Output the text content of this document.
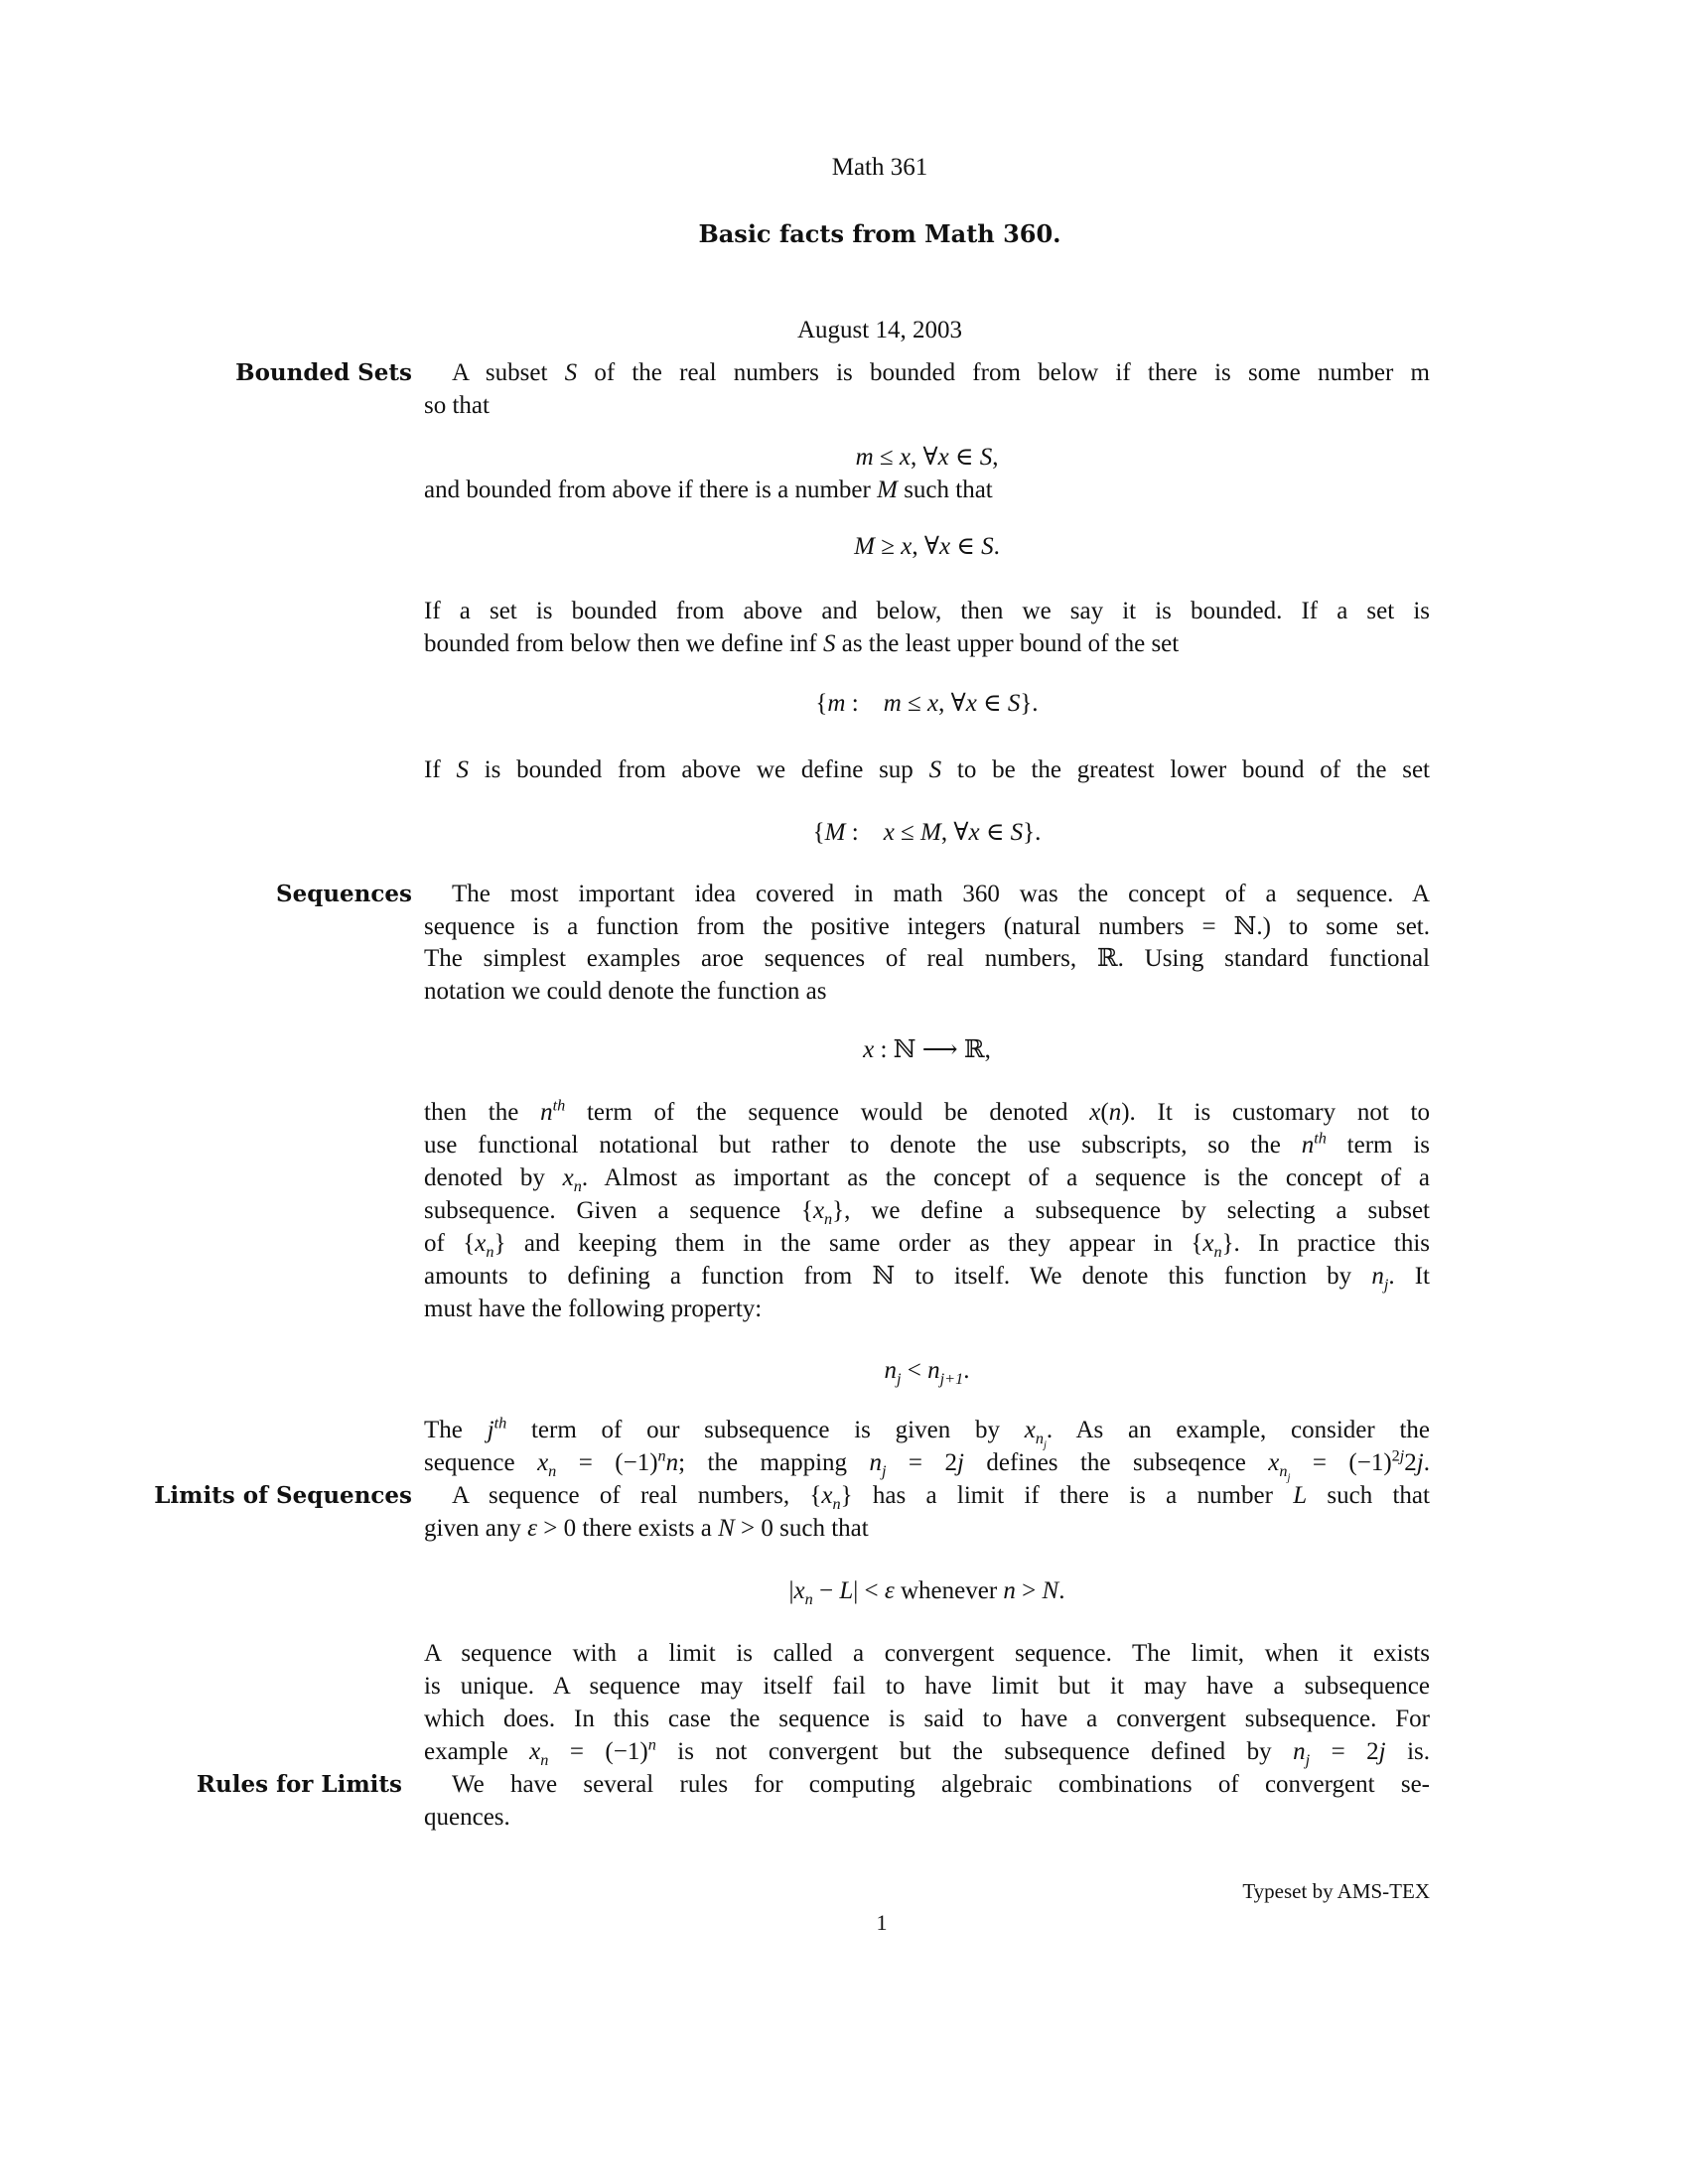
Math 361
Basic facts from Math 360.
August 14, 2003
Bounded Sets A subset S of the real numbers is bounded from below if there is some number m
so that
m ≤ x, ∀x ∈ S,
and bounded from above if there is a number M such that
M ≥ x, ∀x ∈ S.
If a set is bounded from above and below, then we say it is bounded. If a set is
bounded from below then we define inf S as the least upper bound of the set
{m :    m ≤ x, ∀x ∈ S}.
If S is bounded from above we define sup S to be the greatest lower bound of the set
{M :    x ≤ M, ∀x ∈ S}.
Sequences The most important idea covered in math 360 was the concept of a sequence. A
sequence is a function from the positive integers (natural numbers = ℕ.) to some set.
The simplest examples aroe sequences of real numbers, ℝ. Using standard functional
notation we could denote the function as
x : ℕ ⟶ ℝ,
then the $n^{th}$ term of the sequence would be denoted x(n). It is customary not to
use functional notational but rather to denote the use subscripts, so the $n^{th}$ term is
denoted by $x_n$. Almost as important as the concept of a sequence is the concept of a
subsequence. Given a sequence $\{x_n\}$, we define a subsequence by selecting a subset
of $\{x_n\}$ and keeping them in the same order as they appear in $\{x_n\}$. In practice this
amounts to defining a function from ℕ to itself. We denote this function by $n_j$. It
must have the following property:
$n_j < n_{j+1}$.
The $j^{th}$ term of our subsequence is given by $x_{n_j}$. As an example, consider the
sequence $x_n = (-1)^nn$; the mapping $n_j = 2j$ defines the subseqence $x_{n_j} = (-1)^{2j}2j$.
Limits of Sequences A sequence of real numbers, $\{x_n\}$ has a limit if there is a number L such that
given any ε > 0 there exists a N > 0 such that
$|x_n - L| < \varepsilon$ whenever n > N.
A sequence with a limit is called a convergent sequence. The limit, when it exists
is unique. A sequence may itself fail to have limit but it may have a subsequence
which does. In this case the sequence is said to have a convergent subsequence. For
example $x_n = (-1)^n$ is not convergent but the subsequence defined by $n_j = 2j$ is.
Rules for Limits We have several rules for computing algebraic combinations of convergent se-
quences.
Typeset by AMS-TEX
1
